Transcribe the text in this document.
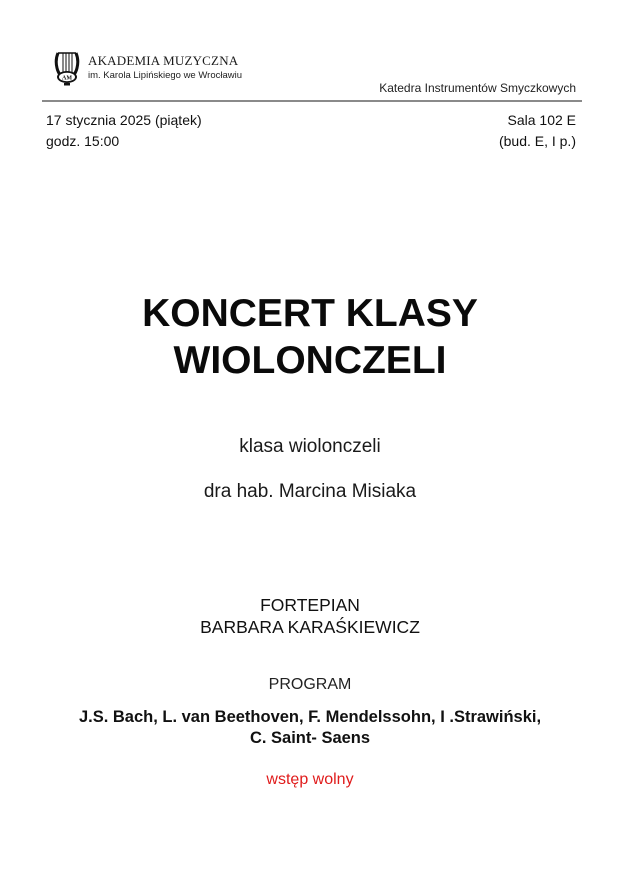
AM
AKADEMIA MUZYCZNA
im. Karola Lipińskiego we Wrocławiu
Katedra Instrumentów Smyczkowych
17 stycznia 2025 (piątek)
godz. 15:00
Sala 102 E
(bud. E, I p.)
KONCERT KLASY
WIOLONCZELI
klasa wiolonczeli
dra hab. Marcina Misiaka
FORTEPIAN
BARBARA KARAŚKIEWICZ
PROGRAM
J.S. Bach, L. van Beethoven, F. Mendelssohn, I .Strawiński,
C. Saint- Saens
wstęp wolny
